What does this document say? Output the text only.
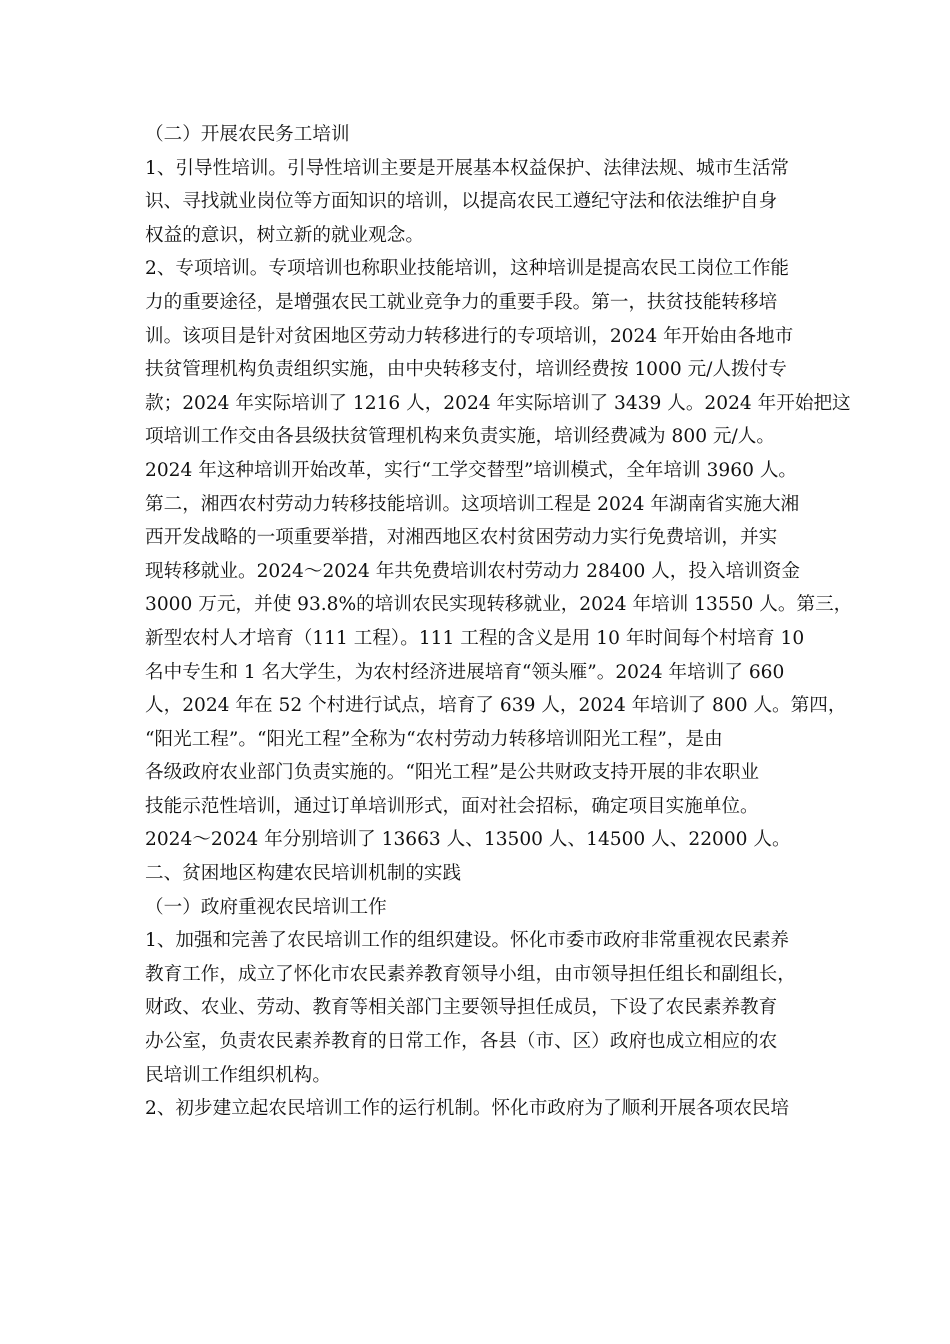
（二）开展农民务工培训
1、引导性培训。引导性培训主要是开展基本权益保护、法律法规、城市生活常
识、寻找就业岗位等方面知识的培训，以提高农民工遵纪守法和依法维护自身
权益的意识，树立新的就业观念。
2、专项培训。专项培训也称职业技能培训，这种培训是提高农民工岗位工作能
力的重要途径，是增强农民工就业竞争力的重要手段。第一，扶贫技能转移培
训。该项目是针对贫困地区劳动力转移进行的专项培训，2024 年开始由各地市
扶贫管理机构负责组织实施，由中央转移支付，培训经费按 1000 元/人拨付专
款；2024 年实际培训了 1216 人，2024 年实际培训了 3439 人。2024 年开始把这
项培训工作交由各县级扶贫管理机构来负责实施，培训经费减为 800 元/人。
2024 年这种培训开始改革，实行“工学交替型”培训模式，全年培训 3960 人。
第二，湘西农村劳动力转移技能培训。这项培训工程是 2024 年湖南省实施大湘
西开发战略的一项重要举措，对湘西地区农村贫困劳动力实行免费培训，并实
现转移就业。2024～2024 年共免费培训农村劳动力 28400 人，投入培训资金
3000 万元，并使 93.8%的培训农民实现转移就业，2024 年培训 13550 人。第三，
新型农村人才培育（111 工程）。111 工程的含义是用 10 年时间每个村培育 10
名中专生和 1 名大学生，为农村经济进展培育“领头雁”。2024 年培训了 660
人，2024 年在 52 个村进行试点，培育了 639 人，2024 年培训了 800 人。第四，
“阳光工程”。“阳光工程”全称为“农村劳动力转移培训阳光工程”，是由
各级政府农业部门负责实施的。“阳光工程”是公共财政支持开展的非农职业
技能示范性培训，通过订单培训形式，面对社会招标，确定项目实施单位。
2024～2024 年分别培训了 13663 人、13500 人、14500 人、22000 人。
二、贫困地区构建农民培训机制的实践
（一）政府重视农民培训工作
1、加强和完善了农民培训工作的组织建设。怀化市委市政府非常重视农民素养
教育工作，成立了怀化市农民素养教育领导小组，由市领导担任组长和副组长，
财政、农业、劳动、教育等相关部门主要领导担任成员，下设了农民素养教育
办公室，负责农民素养教育的日常工作，各县（市、区）政府也成立相应的农
民培训工作组织机构。
2、初步建立起农民培训工作的运行机制。怀化市政府为了顺利开展各项农民培
